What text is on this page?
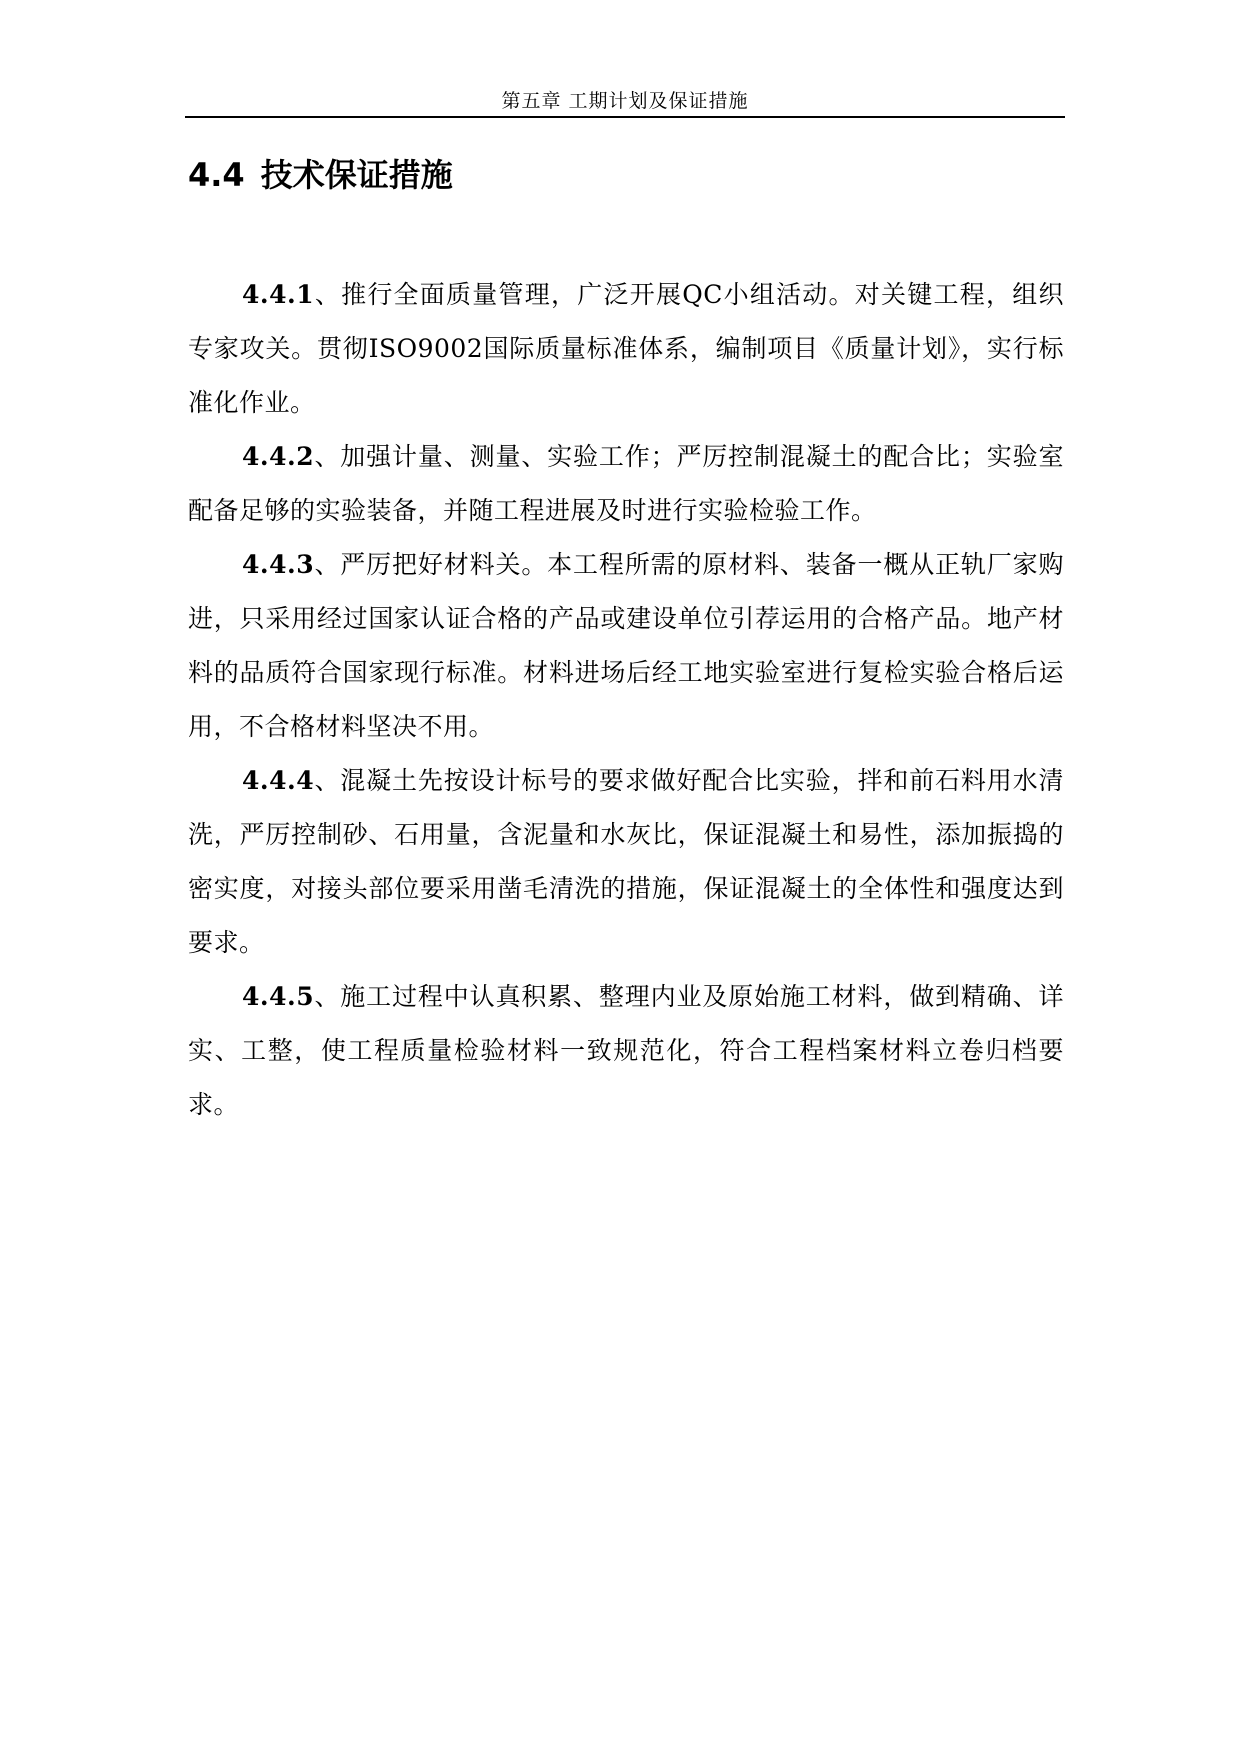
第五章 工期计划及保证措施
4.4 技术保证措施

4.4.1、推行全面质量管理，广泛开展QC小组活动。对关键工程，组织专家攻关。贯彻ISO9002国际质量标准体系，编制项目《质量计划》，实行标准化作业。

4.4.2、加强计量、测量、实验工作；严厉控制混凝土的配合比；实验室配备足够的实验装备，并随工程进展及时进行实验检验工作。

4.4.3、严厉把好材料关。本工程所需的原材料、装备一概从正轨厂家购进，只采用经过国家认证合格的产品或建设单位引荐运用的合格产品。地产材料的品质符合国家现行标准。材料进场后经工地实验室进行复检实验合格后运用，不合格材料坚决不用。

4.4.4、混凝土先按设计标号的要求做好配合比实验，拌和前石料用水清洗，严厉控制砂、石用量，含泥量和水灰比，保证混凝土和易性，添加振捣的密实度，对接头部位要采用凿毛清洗的措施，保证混凝土的全体性和强度达到要求。

4.4.5、施工过程中认真积累、整理内业及原始施工材料，做到精确、详实、工整，使工程质量检验材料一致规范化，符合工程档案材料立卷归档要求。
